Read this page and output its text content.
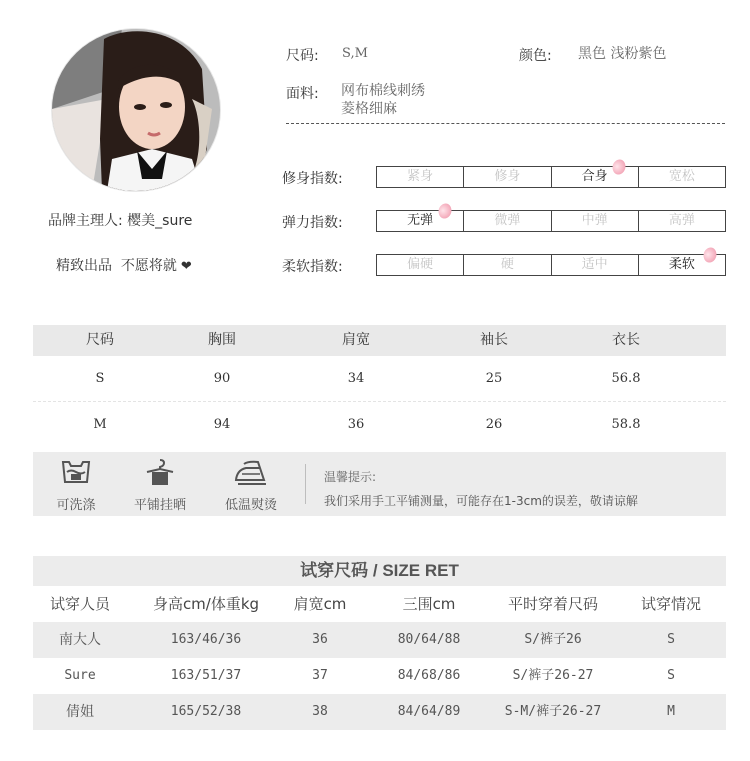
品牌主理人: 樱美_sure
精致出品  不愿将就 ❤
尺码: S,M	颜色: 黑色 浅粉紫色
面料: 网布棉线刺绣
菱格细麻
修身指数:	紧身	修身	合身	宽松
弹力指数:	无弹	微弹	中弹	高弹
柔软指数:	偏硬	硬	适中	柔软
尺码	胸围	肩宽	袖长	衣长
S	90	34	25	56.8
M	94	36	26	58.8
可洗涤	平铺挂晒	低温熨烫
温馨提示:
我们采用手工平铺测量，可能存在1-3cm的误差，敬请谅解
试穿尺码 / SIZE RET
试穿人员	身高cm/体重kg	肩宽cm	三围cm	平时穿着尺码	试穿情况
南大人	163/46/36	36	80/64/88	S/裤子26	S
Sure	163/51/37	37	84/68/86	S/裤子26-27	S
倩姐	165/52/38	38	84/64/89	S-M/裤子26-27	M
